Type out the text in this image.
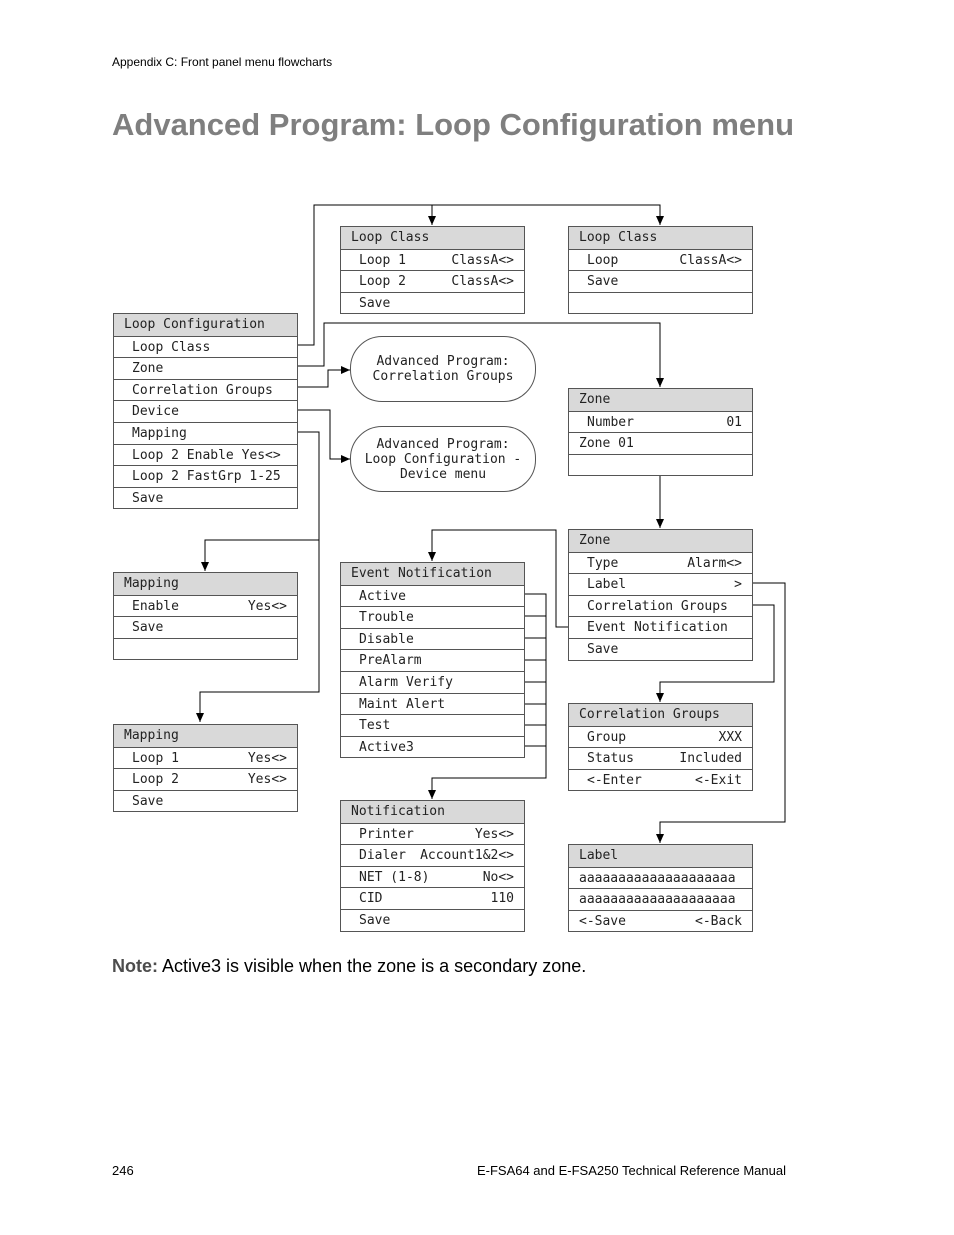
Appendix C: Front panel menu flowcharts
Advanced Program: Loop Configuration menu
Loop Configuration
Loop Class
Zone
Correlation Groups
Device
Mapping
Loop 2 Enable Yes<>
Loop 2 FastGrp 1-25
Save
Loop Class
Loop 1	ClassA<>
Loop 2	ClassA<>
Save
Loop Class
Loop	ClassA<>
Save
Advanced Program:
Correlation Groups
Advanced Program:
Loop Configuration -
Device menu
Zone
Number	01
Zone 01
Zone
Type	Alarm<>
Label	>
Correlation Groups
Event Notification
Save
Mapping
Enable	Yes<>
Save
Mapping
Loop 1	Yes<>
Loop 2	Yes<>
Save
Event Notification
Active
Trouble
Disable
PreAlarm
Alarm Verify
Maint Alert
Test
Active3
Notification
Printer	Yes<>
Dialer Account1&2<>
NET (1-8)	No<>
CID	110
Save
Correlation Groups
Group	XXX
Status	Included
<-Enter	<-Exit
Label
aaaaaaaaaaaaaaaaaaaa
aaaaaaaaaaaaaaaaaaaa
<-Save	<-Back
Note: Active3 is visible when the zone is a secondary zone.
246	E-FSA64 and E-FSA250 Technical Reference Manual
